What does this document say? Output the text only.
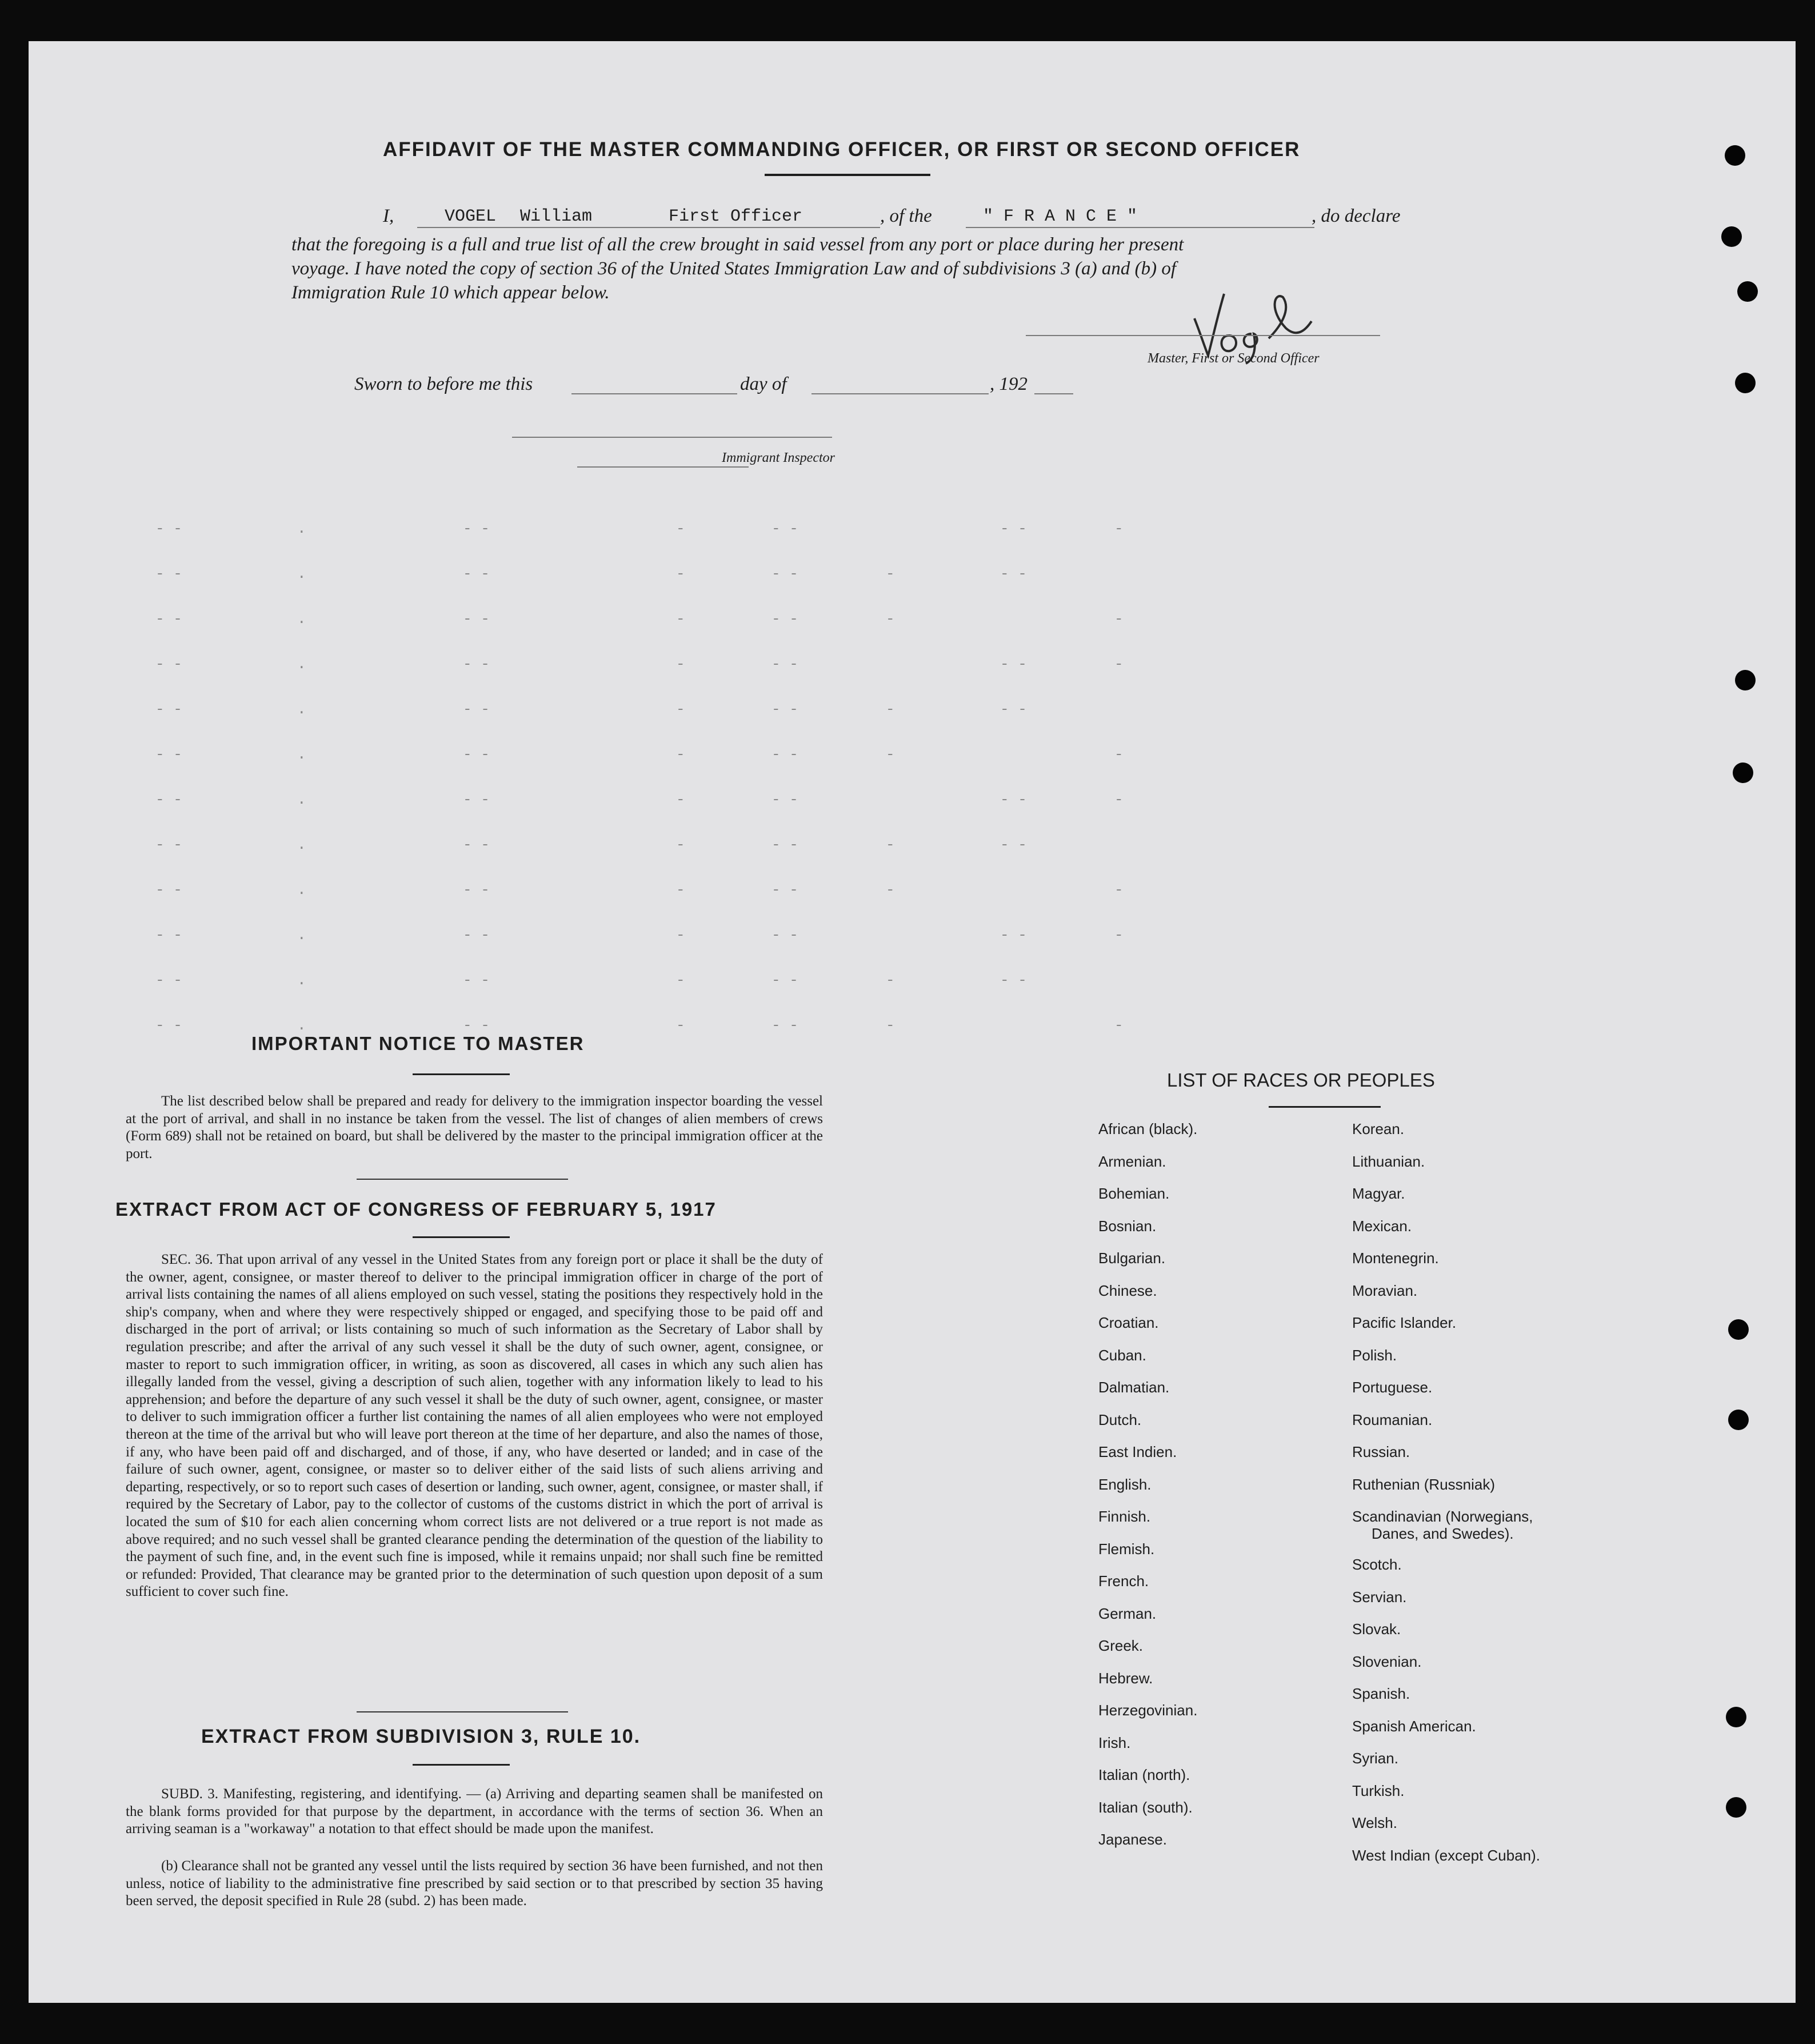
AFFIDAVIT OF THE MASTER COMMANDING OFFICER, OR FIRST OR SECOND OFFICER
I,	VOGEL William	First Officer	, of the	" F R A N C E "	, do declare
that the foregoing is a full and true list of all the crew brought in said vessel from any port or place during her present
voyage. I have noted the copy of section 36 of the United States Immigration Law and of subdivisions 3 (a) and (b) of
Immigration Rule 10 which appear below.
Master, First or Second Officer
Sworn to before me this	day of	, 192
Immigrant Inspector
- -	.	- -	-	- -	- -	-
- -	.	- -	-	- -	-	- -
- -	.	- -	-	- -	-	-
- -	.	- -	-	- -	- -	-
- -	.	- -	-	- -	-	- -
- -	.	- -	-	- -	-	-
- -	.	- -	-	- -	- -	-
- -	.	- -	-	- -	-	- -
- -	.	- -	-	- -	-	-
- -	.	- -	-	- -	- -	-
- -	.	- -	-	- -	-	- -
- -	.	- -	-	- -	-	-
IMPORTANT NOTICE TO MASTER
The list described below shall be prepared and ready for delivery to the immigration inspector boarding the vessel at the port of arrival, and shall in no instance be taken from the vessel. The list of changes of alien members of crews (Form 689) shall not be retained on board, but shall be delivered by the master to the principal immigration officer at the port.
EXTRACT FROM ACT OF CONGRESS OF FEBRUARY 5, 1917
SEC. 36. That upon arrival of any vessel in the United States from any foreign port or place it shall be the duty of the owner, agent, consignee, or master thereof to deliver to the principal immigration officer in charge of the port of arrival lists containing the names of all aliens employed on such vessel, stating the positions they respectively hold in the ship's company, when and where they were respectively shipped or engaged, and specifying those to be paid off and discharged in the port of arrival; or lists containing so much of such information as the Secretary of Labor shall by regulation prescribe; and after the arrival of any such vessel it shall be the duty of such owner, agent, consignee, or master to report to such immigration officer, in writing, as soon as discovered, all cases in which any such alien has illegally landed from the vessel, giving a description of such alien, together with any information likely to lead to his apprehension; and before the departure of any such vessel it shall be the duty of such owner, agent, consignee, or master to deliver to such immigration officer a further list containing the names of all alien employees who were not employed thereon at the time of the arrival but who will leave port thereon at the time of her departure, and also the names of those, if any, who have been paid off and discharged, and of those, if any, who have deserted or landed; and in case of the failure of such owner, agent, consignee, or master so to deliver either of the said lists of such aliens arriving and departing, respectively, or so to report such cases of desertion or landing, such owner, agent, consignee, or master shall, if required by the Secretary of Labor, pay to the collector of customs of the customs district in which the port of arrival is located the sum of $10 for each alien concerning whom correct lists are not delivered or a true report is not made as above required; and no such vessel shall be granted clearance pending the determination of the question of the liability to the payment of such fine, and, in the event such fine is imposed, while it remains unpaid; nor shall such fine be remitted or refunded: Provided, That clearance may be granted prior to the determination of such question upon deposit of a sum sufficient to cover such fine.
EXTRACT FROM SUBDIVISION 3, RULE 10.
SUBD. 3. Manifesting, registering, and identifying. — (a) Arriving and departing seamen shall be manifested on the blank forms provided for that purpose by the department, in accordance with the terms of section 36. When an arriving seaman is a "workaway" a notation to that effect should be made upon the manifest.
(b) Clearance shall not be granted any vessel until the lists required by section 36 have been furnished, and not then unless, notice of liability to the administrative fine prescribed by said section or to that prescribed by section 35 having been served, the deposit specified in Rule 28 (subd. 2) has been made.
LIST OF RACES OR PEOPLES
African (black).
Armenian.
Bohemian.
Bosnian.
Bulgarian.
Chinese.
Croatian.
Cuban.
Dalmatian.
Dutch.
East Indien.
English.
Finnish.
Flemish.
French.
German.
Greek.
Hebrew.
Herzegovinian.
Irish.
Italian (north).
Italian (south).
Japanese.
Korean.
Lithuanian.
Magyar.
Mexican.
Montenegrin.
Moravian.
Pacific Islander.
Polish.
Portuguese.
Roumanian.
Russian.
Ruthenian (Russniak)
Scandinavian (Norwegians,
Danes, and Swedes).
Scotch.
Servian.
Slovak.
Slovenian.
Spanish.
Spanish American.
Syrian.
Turkish.
Welsh.
West Indian (except Cuban).
